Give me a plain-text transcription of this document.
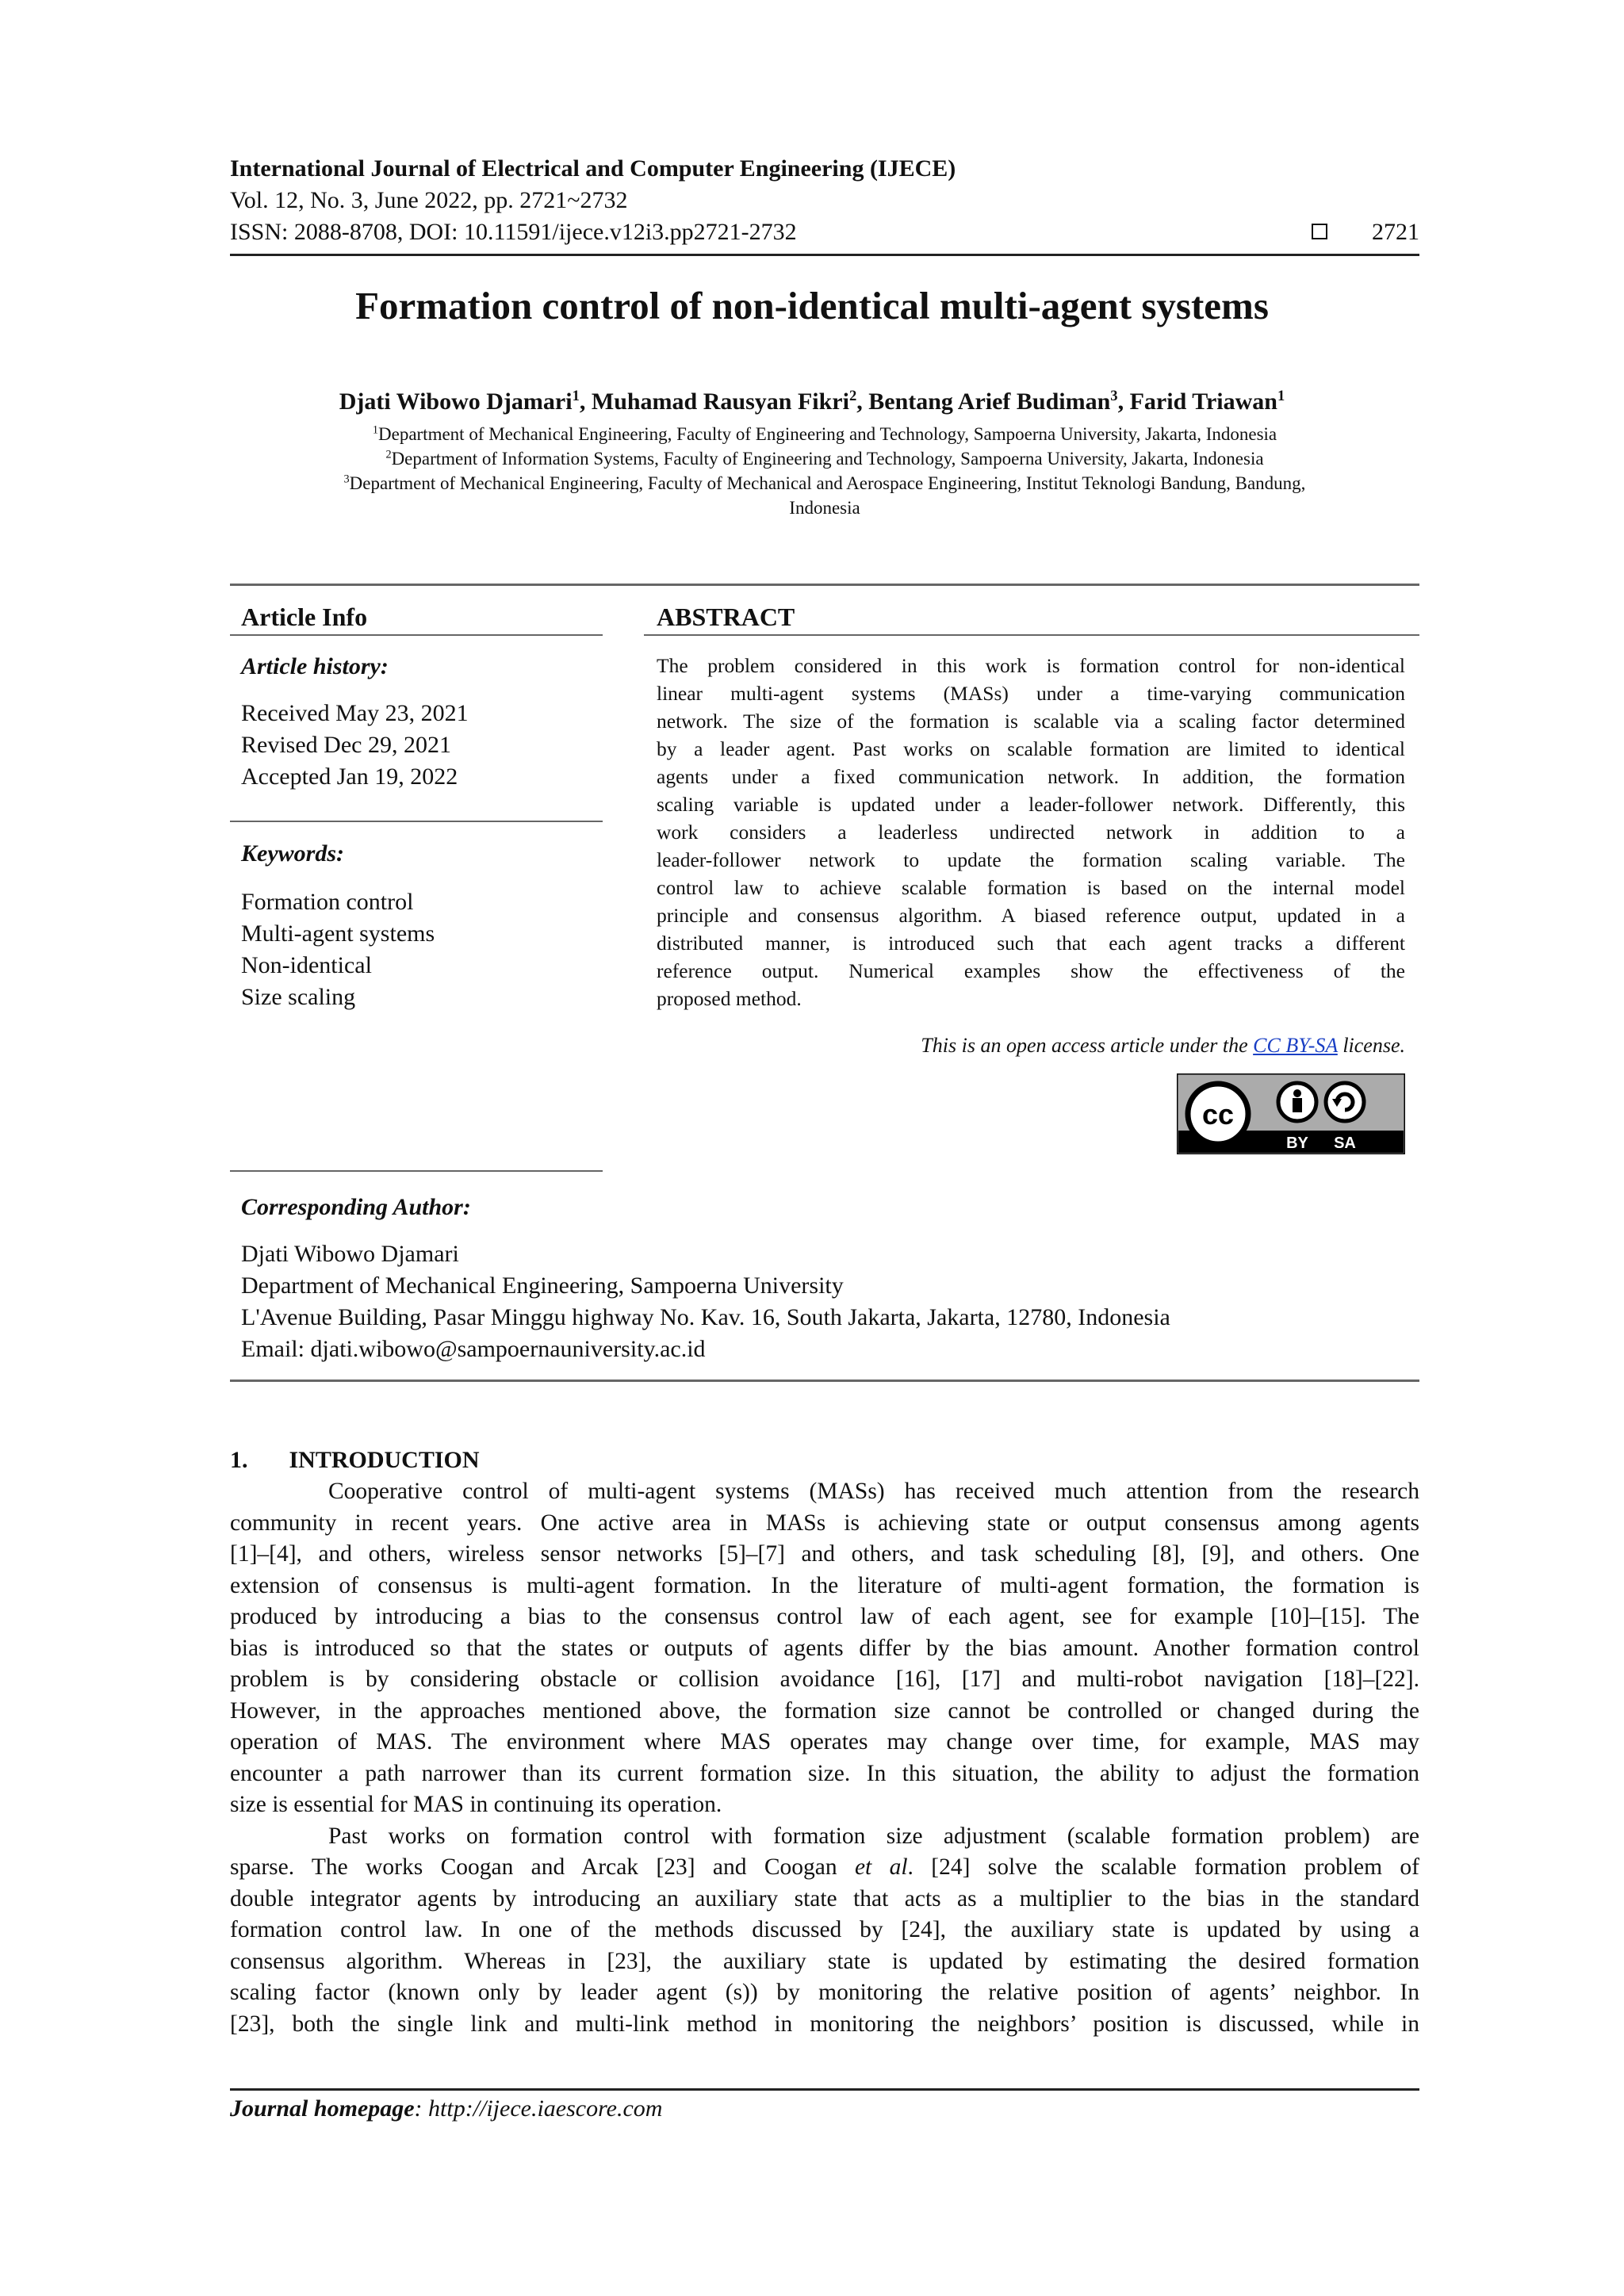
International Journal of Electrical and Computer Engineering (IJECE)
Vol. 12, No. 3, June 2022, pp. 2721~2732
ISSN: 2088-8708, DOI: 10.11591/ijece.v12i3.pp2721-2732	2721
Formation control of non-identical multi-agent systems
Djati Wibowo Djamari$^1$, Muhamad Rausyan Fikri$^2$, Bentang Arief Budiman$^3$, Farid Triawan$^1$
$^1$Department of Mechanical Engineering, Faculty of Engineering and Technology, Sampoerna University, Jakarta, Indonesia
$^2$Department of Information Systems, Faculty of Engineering and Technology, Sampoerna University, Jakarta, Indonesia
$^3$Department of Mechanical Engineering, Faculty of Mechanical and Aerospace Engineering, Institut Teknologi Bandung, Bandung,
Indonesia
Article Info
Article history:
Received May 23, 2021
Revised Dec 29, 2021
Accepted Jan 19, 2022
Keywords:
Formation control
Multi-agent systems
Non-identical
Size scaling
ABSTRACT
The problem considered in this work is formation control for non-identical
linear multi-agent systems (MASs) under a time-varying communication
network. The size of the formation is scalable via a scaling factor determined
by a leader agent. Past works on scalable formation are limited to identical
agents under a fixed communication network. In addition, the formation
scaling variable is updated under a leader-follower network. Differently, this
work considers a leaderless undirected network in addition to a
leader-follower network to update the formation scaling variable. The
control law to achieve scalable formation is based on the internal model
principle and consensus algorithm. A biased reference output, updated in a
distributed manner, is introduced such that each agent tracks a different
reference output. Numerical examples show the effectiveness of the
proposed method.
This is an open access article under the CC BY-SA license.
cc
BY SA
Corresponding Author:
Djati Wibowo Djamari
Department of Mechanical Engineering, Sampoerna University
L'Avenue Building, Pasar Minggu highway No. Kav. 16, South Jakarta, Jakarta, 12780, Indonesia
Email: djati.wibowo@sampoernauniversity.ac.id
1. INTRODUCTION
Cooperative control of multi-agent systems (MASs) has received much attention from the research
community in recent years. One active area in MASs is achieving state or output consensus among agents
[1]–[4], and others, wireless sensor networks [5]–[7] and others, and task scheduling [8], [9], and others. One
extension of consensus is multi-agent formation. In the literature of multi-agent formation, the formation is
produced by introducing a bias to the consensus control law of each agent, see for example [10]–[15]. The
bias is introduced so that the states or outputs of agents differ by the bias amount. Another formation control
problem is by considering obstacle or collision avoidance [16], [17] and multi-robot navigation [18]–[22].
However, in the approaches mentioned above, the formation size cannot be controlled or changed during the
operation of MAS. The environment where MAS operates may change over time, for example, MAS may
encounter a path narrower than its current formation size. In this situation, the ability to adjust the formation
size is essential for MAS in continuing its operation.
Past works on formation control with formation size adjustment (scalable formation problem) are
sparse. The works Coogan and Arcak [23] and Coogan et al. [24] solve the scalable formation problem of
double integrator agents by introducing an auxiliary state that acts as a multiplier to the bias in the standard
formation control law. In one of the methods discussed by [24], the auxiliary state is updated by using a
consensus algorithm. Whereas in [23], the auxiliary state is updated by estimating the desired formation
scaling factor (known only by leader agent (s)) by monitoring the relative position of agents’ neighbor. In
[23], both the single link and multi-link method in monitoring the neighbors’ position is discussed, while in
Journal homepage: http://ijece.iaescore.com
